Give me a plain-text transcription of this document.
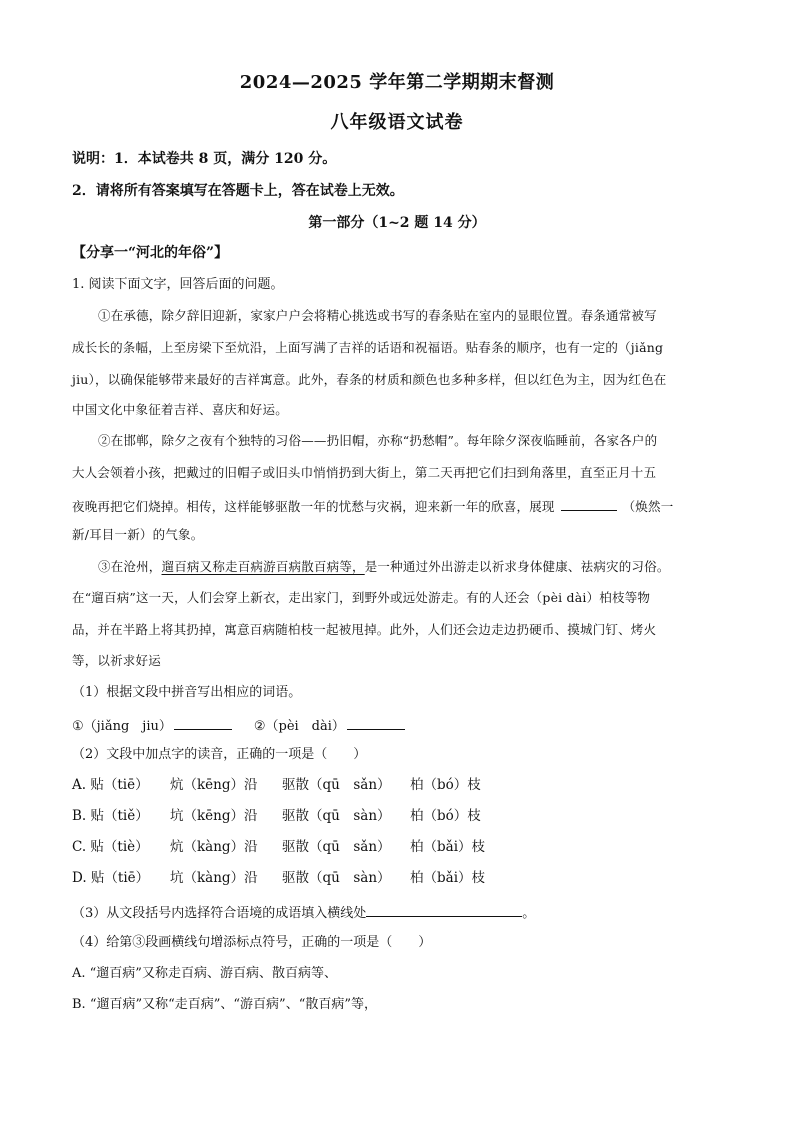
2024—2025 学年第二学期期末督测
八年级语文试卷
说明：1．本试卷共 8 页，满分 120 分。
2．请将所有答案填写在答题卡上，答在试卷上无效。
第一部分（1~2 题 14 分）
【分享一“河北的年俗”】
1. 阅读下面文字，回答后面的问题。
①在承德，除夕辞旧迎新，家家户户会将精心挑选或书写的春条贴在室内的显眼位置。春条通常被写
成长长的条幅，上至房梁下至炕沿，上面写满了吉祥的话语和祝福语。贴春条的顺序，也有一定的（jiǎng
jiu），以确保能够带来最好的吉祥寓意。此外，春条的材质和颜色也多种多样，但以红色为主，因为红色在
中国文化中象征着吉祥、喜庆和好运。
②在邯郸，除夕之夜有个独特的习俗——扔旧帽，亦称“扔愁帽”。每年除夕深夜临睡前，各家各户的
大人会领着小孩，把戴过的旧帽子或旧头巾悄悄扔到大街上，第二天再把它们扫到角落里，直至正月十五
夜晚再把它们烧掉。相传，这样能够驱散一年的忧愁与灾祸，迎来新一年的欣喜，展现	（焕然一
新/耳目一新）的气象。
③在沧州，遛百病又称走百病游百病散百病等，是一种通过外出游走以祈求身体健康、祛病灾的习俗。
在“遛百病”这一天，人们会穿上新衣，走出家门，到野外或远处游走。有的人还会（pèi dài）柏枝等物
品，并在半路上将其扔掉，寓意百病随柏枝一起被甩掉。此外，人们还会边走边扔硬币、摸城门钉、烤火
等，以祈求好运
（1）根据文段中拼音写出相应的词语。
①（jiǎng　jiu）	②（pèi　dài）
（2）文段中加点字的读音，正确的一项是（　　）
A. 贴（tiē） 炕（kēng）沿 驱散（qū　sǎn） 柏（bó）枝
B. 贴（tiě） 坑（kēng）沿 驱散（qū　sàn） 柏（bó）枝
C. 贴（tiè） 炕（kàng）沿 驱散（qū　sǎn） 柏（bǎi）枝
D. 贴（tiē） 坑（kàng）沿 驱散（qū　sàn） 柏（bǎi）枝
（3）从文段括号内选择符合语境的成语填入横线处	。
（4）给第③段画横线句增添标点符号，正确的一项是（　　）
A. “遛百病”又称走百病、游百病、散百病等、
B. “遛百病”又称“走百病”、“游百病”、“散百病”等，
